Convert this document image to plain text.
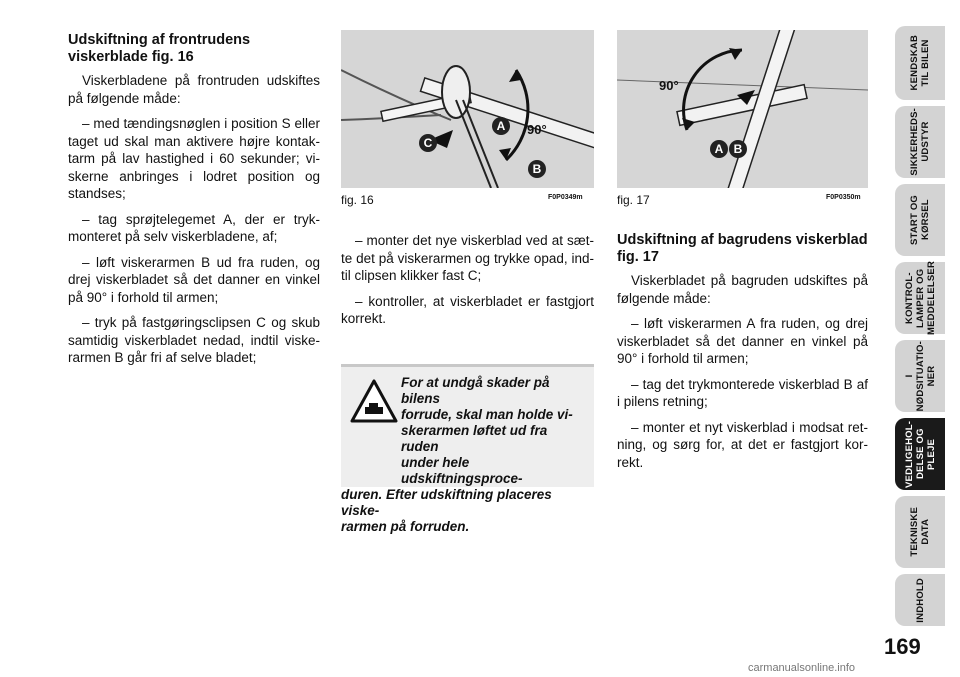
Udskiftning af frontrudens viskerblade fig. 16

Viskerbladene på frontruden udskiftes på følgende måde:

– med tændingsnøglen i position S eller taget ud skal man aktivere højre kontak-tarm på lav hastighed i 60 sekunder; vi-skerne anbringes i lodret position og standses;

– tag sprøjtelegemet A, der er tryk-monteret på selv viskerbladene, af;

– løft viskerarmen B ud fra ruden, og drej viskerbladet så det danner en vinkel på 90° i forhold til armen;

– tryk på fastgøringsclipsen C og skub samtidig viskerbladet nedad, indtil viske-rarmen B går fri af selve bladet;

90°
A
B
C
fig. 16	F0P0349m
90°
A B
fig. 17	F0P0350m

– monter det nye viskerblad ved at sæt-te det på viskerarmen og trykke opad, ind-til clipsen klikker fast C;

– kontroller, at viskerbladet er fastgjort korrekt.

For at undgå skader på bilens
forrude, skal man holde vi-
skerarmen løftet ud fra ruden
under hele udskiftningsproce-
duren. Efter udskiftning placeres viske-
rarmen på forruden.
Udskiftning af bagrudens viskerblad fig. 17

Viskerbladet på bagruden udskiftes på følgende måde:

– løft viskerarmen A fra ruden, og drej viskerbladet så det danner en vinkel på 90° i forhold til armen;

– tag det trykmonterede viskerblad B af i pilens retning;

– monter et nyt viskerblad i modsat ret-ning, og sørg for, at det er fastgjort kor-rekt.

KENDSKAB
TIL BILEN
SIKKERHEDS-
UDSTYR
START OG
KØRSEL
KONTROL-
LAMPER OG
MEDDELELSER
I
NØDSITUATIO-
NER
VEDLIGEHOL-
DELSE OG PLEJE
TEKNISKE
DATA
INDHOLD
169
carmanualsonline.info
